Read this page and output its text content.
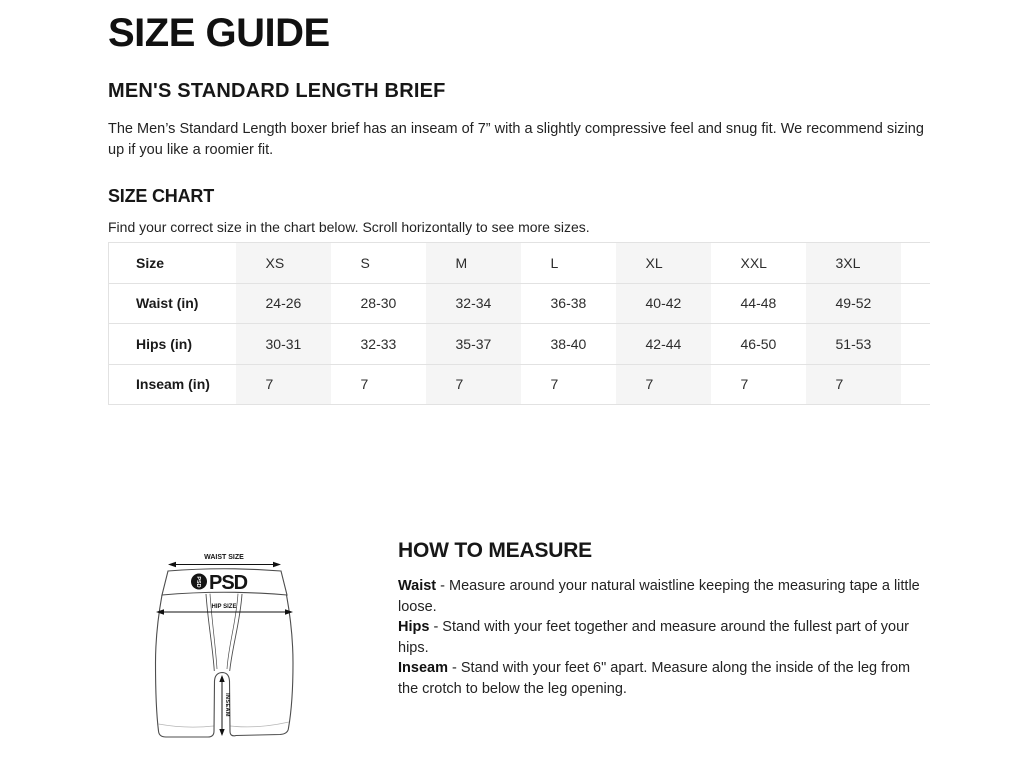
SIZE GUIDE
MEN'S STANDARD LENGTH BRIEF

The Men’s Standard Length boxer brief has an inseam of 7” with a slightly compressive feel and snug fit. We recommend sizing up if you like a roomier fit.

SIZE CHART

Find your correct size in the chart below. Scroll horizontally to see more sizes.

Size	XS	S	M	L	XL	XXL	3XL	
Waist (in)	24-26	28-30	32-34	36-38	40-42	44-48	49-52	
Hips (in)	30-31	32-33	35-37	38-40	42-44	46-50	51-53	
Inseam (in)	7	7	7	7	7	7	7	
WAIST SIZE
PSD PSD
HIP SIZE
INSEAM
HOW TO MEASURE

Waist - Measure around your natural waistline keeping the measuring tape a little loose.

Hips - Stand with your feet together and measure around the fullest part of your hips.

Inseam - Stand with your feet 6" apart. Measure along the inside of the leg from the crotch to below the leg opening.
